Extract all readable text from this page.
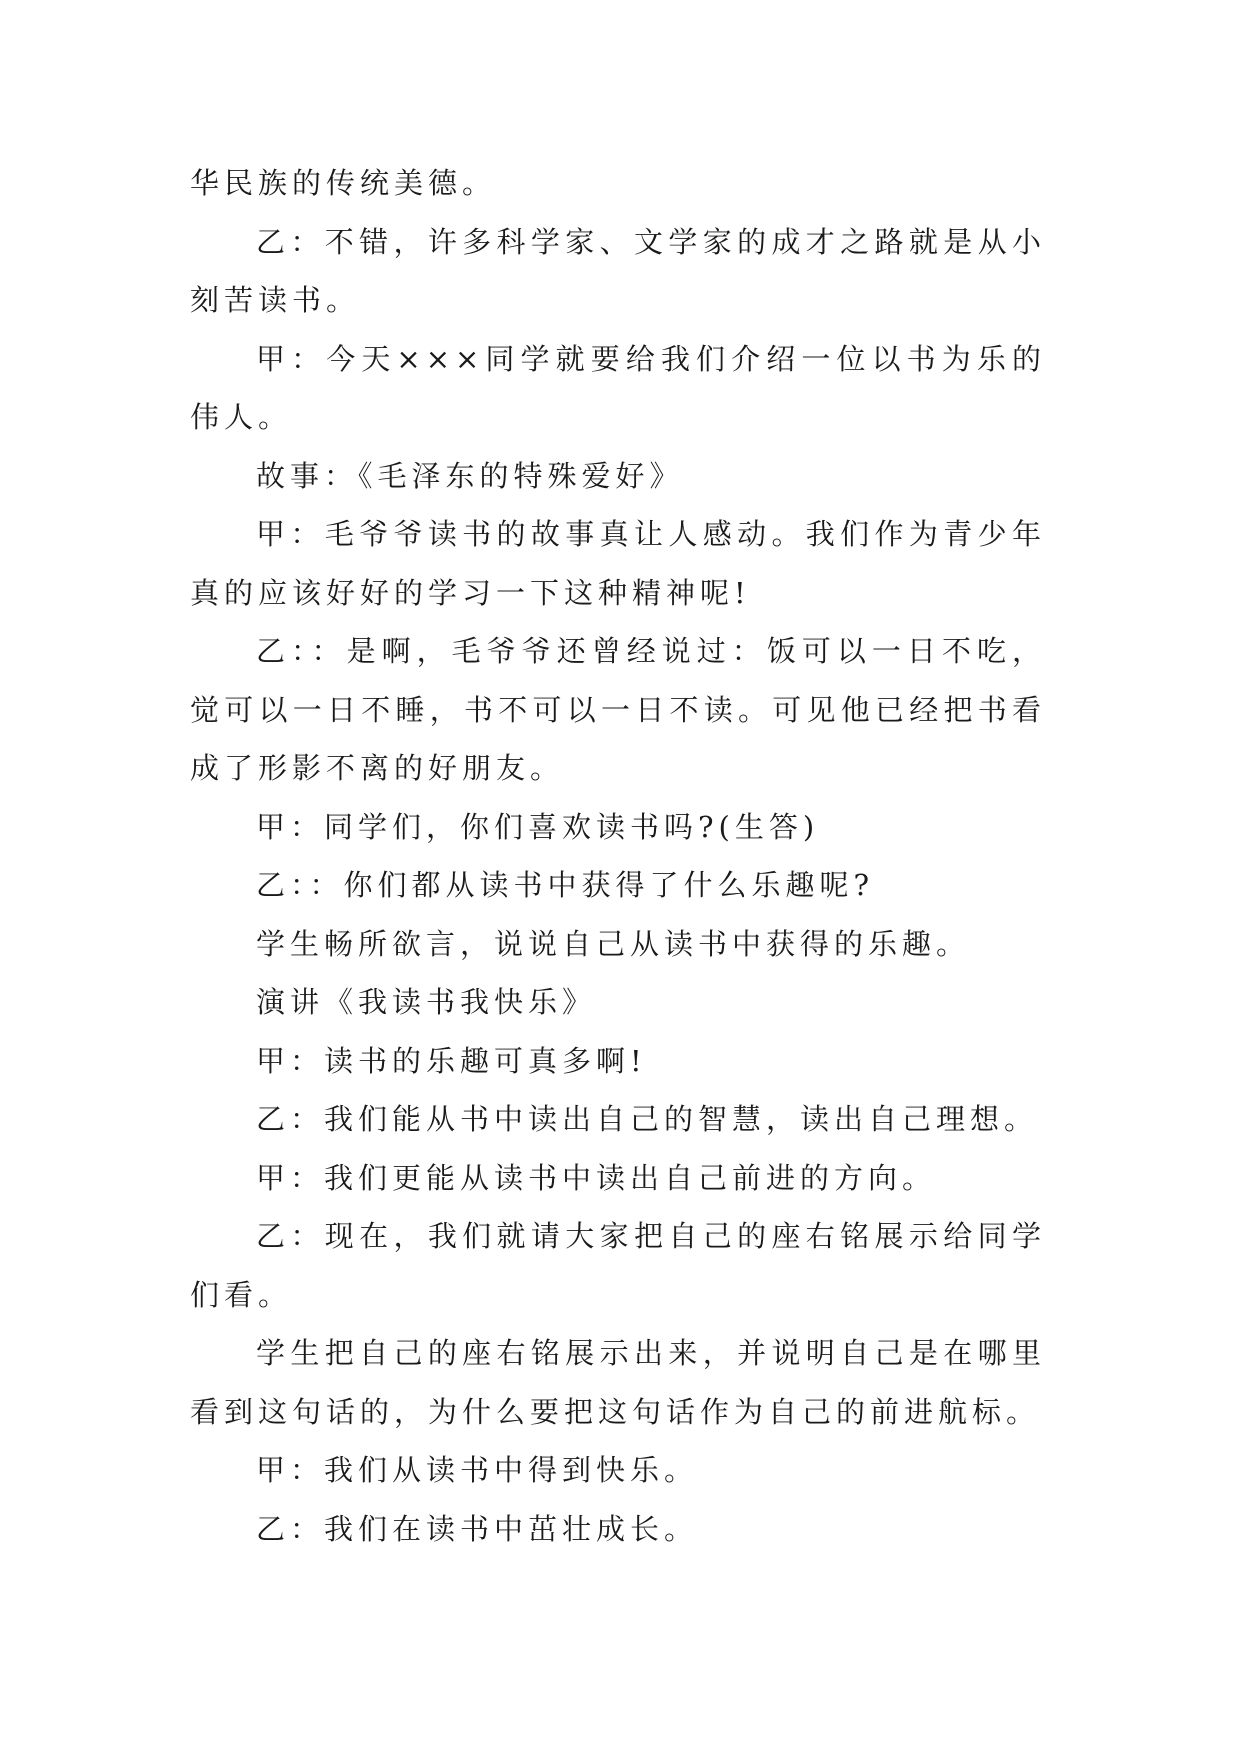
华民族的传统美德。

乙：不错，许多科学家、文学家的成才之路就是从小刻苦读书。

甲：今天×××同学就要给我们介绍一位以书为乐的伟人。

故事：《毛泽东的特殊爱好》

甲：毛爷爷读书的故事真让人感动。我们作为青少年真的应该好好的学习一下这种精神呢!

乙：：是啊，毛爷爷还曾经说过：饭可以一日不吃，觉可以一日不睡，书不可以一日不读。可见他已经把书看成了形影不离的好朋友。

甲：同学们，你们喜欢读书吗?(生答)

乙：：你们都从读书中获得了什么乐趣呢?

学生畅所欲言，说说自己从读书中获得的乐趣。

演讲《我读书我快乐》

甲：读书的乐趣可真多啊!

乙：我们能从书中读出自己的智慧，读出自己理想。

甲：我们更能从读书中读出自己前进的方向。

乙：现在，我们就请大家把自己的座右铭展示给同学们看。

学生把自己的座右铭展示出来，并说明自己是在哪里看到这句话的，为什么要把这句话作为自己的前进航标。

甲：我们从读书中得到快乐。

乙：我们在读书中茁壮成长。
